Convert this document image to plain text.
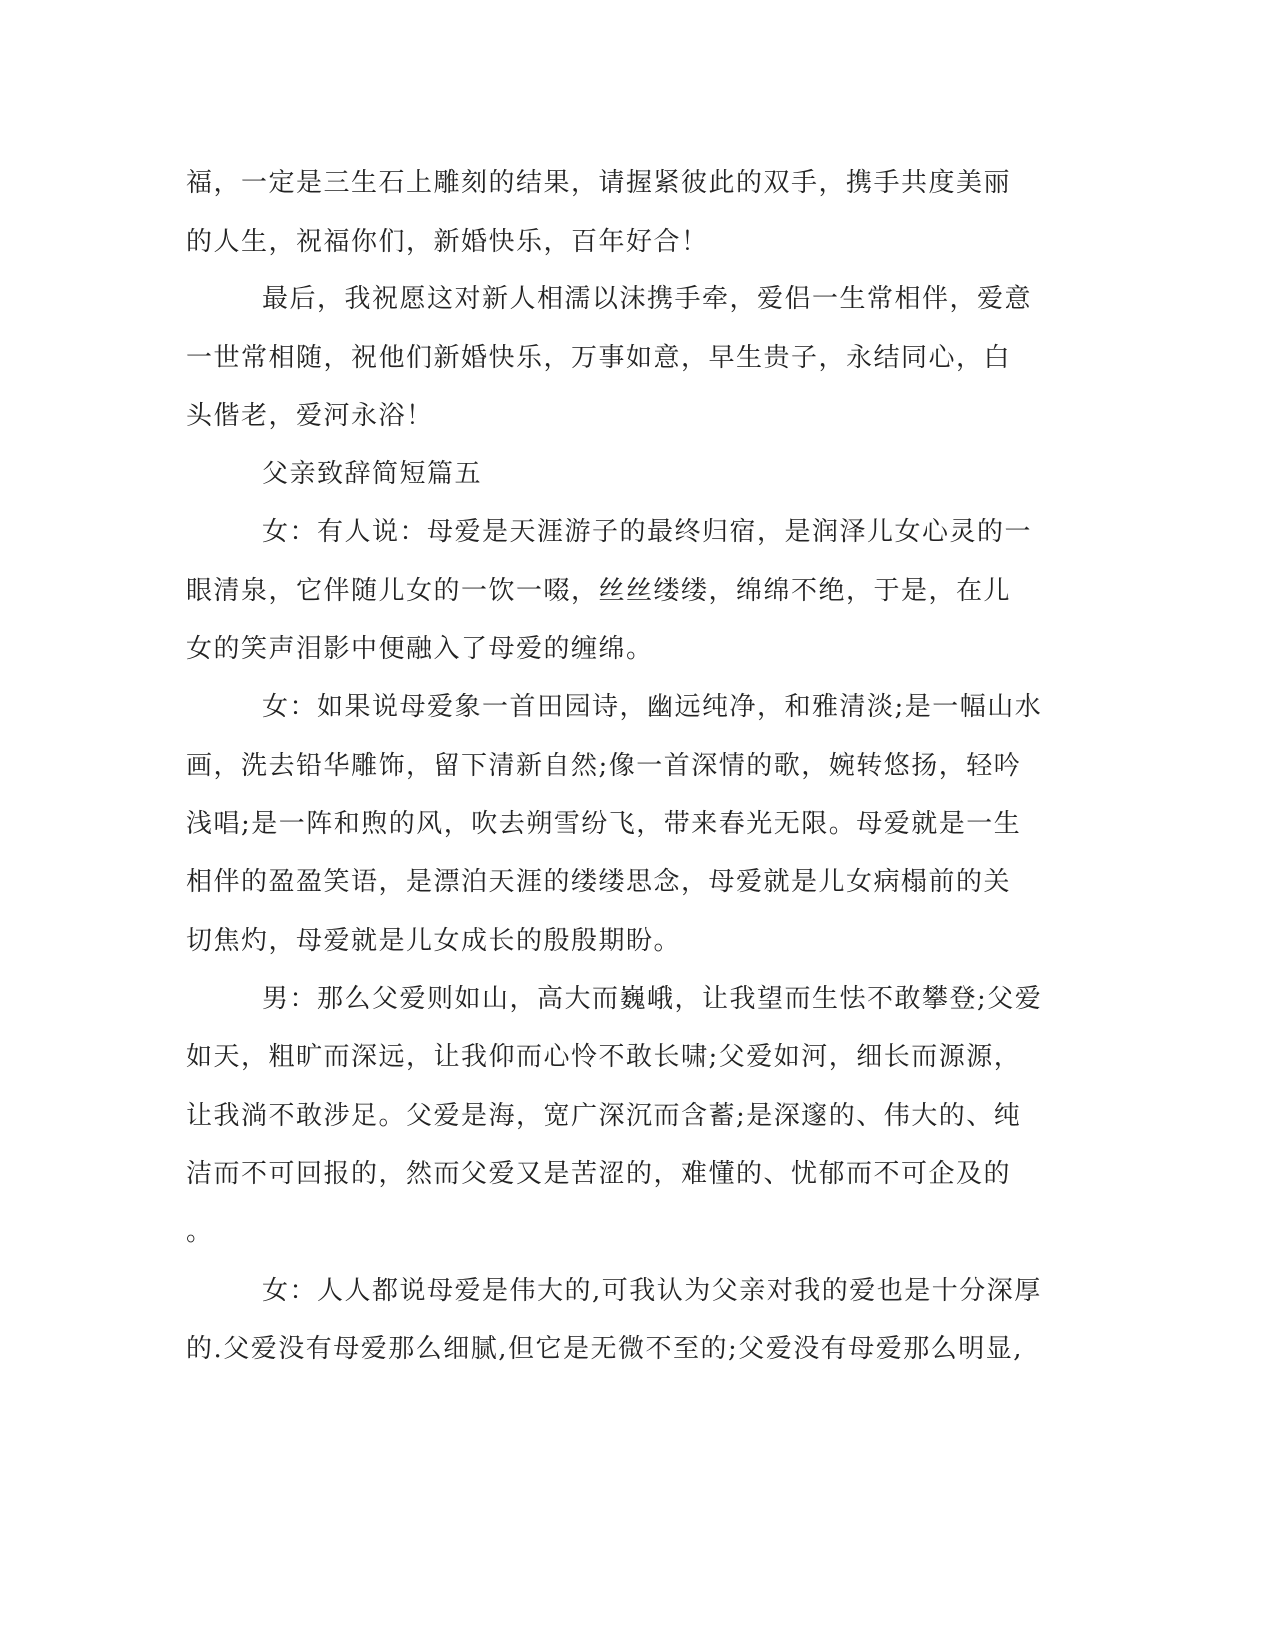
福，一定是三生石上雕刻的结果，请握紧彼此的双手，携手共度美丽

的人生，祝福你们，新婚快乐，百年好合！

最后，我祝愿这对新人相濡以沫携手牵，爱侣一生常相伴，爱意

一世常相随，祝他们新婚快乐，万事如意，早生贵子，永结同心，白

头偕老，爱河永浴！

父亲致辞简短篇五

女：有人说：母爱是天涯游子的最终归宿，是润泽儿女心灵的一

眼清泉，它伴随儿女的一饮一啜，丝丝缕缕，绵绵不绝，于是，在儿

女的笑声泪影中便融入了母爱的缠绵。

女：如果说母爱象一首田园诗，幽远纯净，和雅清淡;是一幅山水

画，洗去铅华雕饰，留下清新自然;像一首深情的歌，婉转悠扬，轻吟

浅唱;是一阵和煦的风，吹去朔雪纷飞，带来春光无限。母爱就是一生

相伴的盈盈笑语，是漂泊天涯的缕缕思念，母爱就是儿女病榻前的关

切焦灼，母爱就是儿女成长的殷殷期盼。

男：那么父爱则如山，高大而巍峨，让我望而生怯不敢攀登;父爱

如天，粗旷而深远，让我仰而心怜不敢长啸;父爱如河，细长而源源，

让我淌不敢涉足。父爱是海，宽广深沉而含蓄;是深邃的、伟大的、纯

洁而不可回报的，然而父爱又是苦涩的，难懂的、忧郁而不可企及的

。

女：人人都说母爱是伟大的,可我认为父亲对我的爱也是十分深厚

的.父爱没有母爱那么细腻,但它是无微不至的;父爱没有母爱那么明显,
